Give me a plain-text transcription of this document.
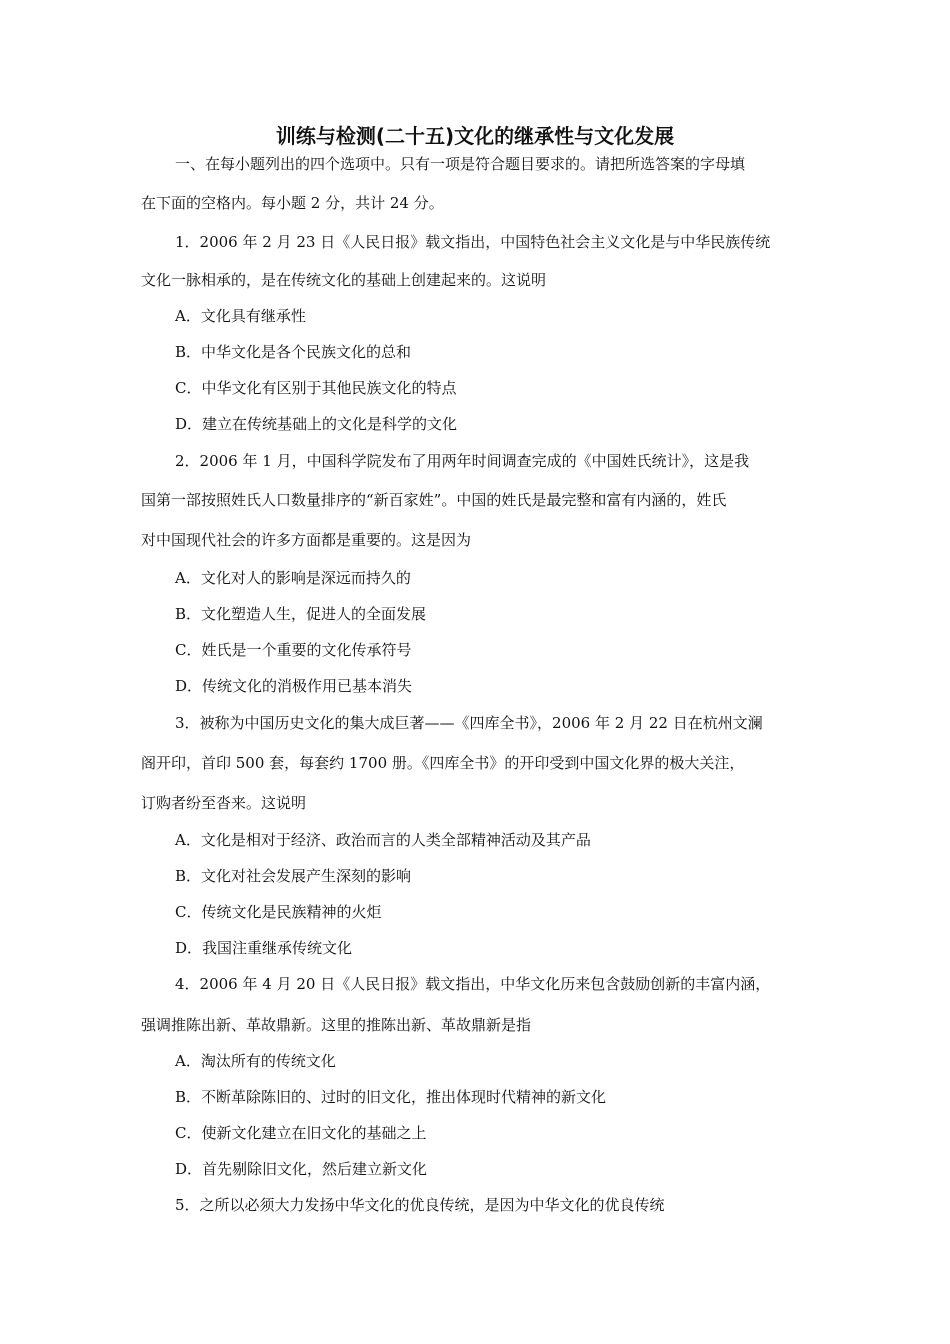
训练与检测(二十五)文化的继承性与文化发展
一、在每小题列出的四个选项中。只有一项是符合题目要求的。请把所选答案的字母填
在下面的空格内。每小题 2 分，共计 24 分。
1．2006 年 2 月 23 日《人民日报》载文指出，中国特色社会主义文化是与中华民族传统
文化一脉相承的，是在传统文化的基础上创建起来的。这说明
A．文化具有继承性
B．中华文化是各个民族文化的总和
C．中华文化有区别于其他民族文化的特点
D．建立在传统基础上的文化是科学的文化
2．2006 年 1 月，中国科学院发布了用两年时间调查完成的《中国姓氏统计》，这是我
国第一部按照姓氏人口数量排序的“新百家姓”。中国的姓氏是最完整和富有内涵的，姓氏
对中国现代社会的许多方面都是重要的。这是因为
A．文化对人的影响是深远而持久的
B．文化塑造人生，促进人的全面发展
C．姓氏是一个重要的文化传承符号
D．传统文化的消极作用已基本消失
3．被称为中国历史文化的集大成巨著——《四库全书》，2006 年 2 月 22 日在杭州文澜
阁开印，首印 500 套，每套约 1700 册。《四库全书》的开印受到中国文化界的极大关注，
订购者纷至沓来。这说明
A．文化是相对于经济、政治而言的人类全部精神活动及其产品
B．文化对社会发展产生深刻的影响
C．传统文化是民族精神的火炬
D．我国注重继承传统文化
4．2006 年 4 月 20 日《人民日报》载文指出，中华文化历来包含鼓励创新的丰富内涵，
强调推陈出新、革故鼎新。这里的推陈出新、革故鼎新是指
A．淘汰所有的传统文化
B．不断革除陈旧的、过时的旧文化，推出体现时代精神的新文化
C．使新文化建立在旧文化的基础之上
D．首先剔除旧文化，然后建立新文化
5．之所以必须大力发扬中华文化的优良传统，是因为中华文化的优良传统
